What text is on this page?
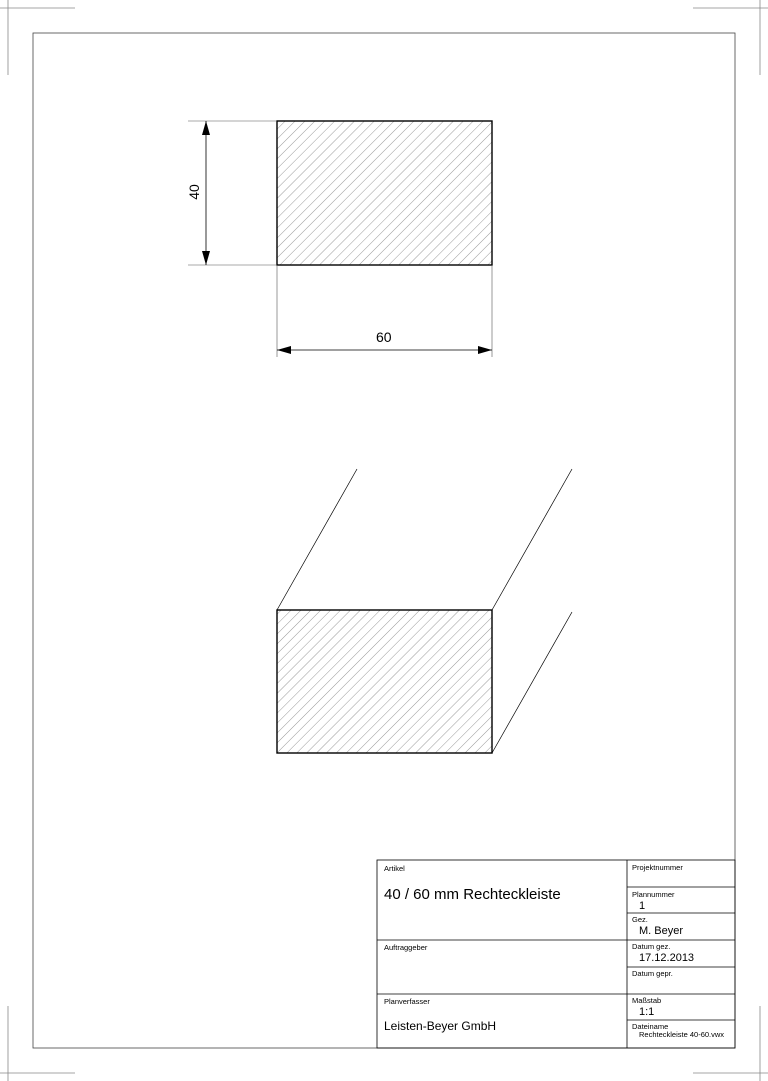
40
60
Artikel
40 / 60 mm Rechteckleiste
Projektnummer
Plannummer
1
Gez.
M. Beyer
Auftraggeber	Datum gez.
17.12.2013
Datum gepr.
Planverfasser
Leisten-Beyer GmbH
Maßstab
1:1
Dateiname
Rechteckleiste 40-60.vwx
